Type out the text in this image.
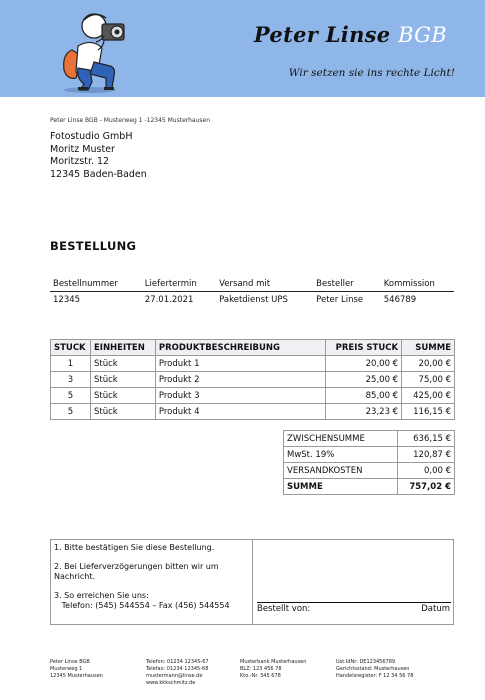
Peter Linse BGB
Wir setzen sie ins rechte Licht!
Peter Linse BGB - Musterweg 1 -12345 Musterhausen
Fotostudio GmbH
Moritz Muster
Moritzstr. 12
12345 Baden-Baden
BESTELLUNG
Bestellnummer	Liefertermin	Versand mit	Besteller	Kommission
12345	27.01.2021	Paketdienst UPS	Peter Linse	546789
STUCK	EINHEITEN	PRODUKTBESCHREIBUNG	PREIS STUCK	SUMME
1	Stück	Produkt 1	20,00 €	20,00 €
3	Stück	Produkt 2	25,00 €	75,00 €
5	Stück	Produkt 3	85,00 €	425,00 €
5	Stück	Produkt 4	23,23 €	116,15 €
ZWISCHENSUMME	636,15 €
MwSt. 19%	120,87 €
VERSANDKOSTEN	0,00 €
SUMME	757,02 €

1. Bitte bestätigen Sie diese Bestellung.

2. Bei Lieferverzögerungen bitten wir um
Nachricht.

3. So erreichen Sie uns:
Telefon: (545) 544554 – Fax (456) 544554	Bestellt von:	Datum
Peter Linse BGB
Musterweg 1
12345 Musterhausen
Telefon: 01234 12345-67
Telefax: 01234 12345-68
mustermann@linse.de
www.kkkschmitz.de
Musterbank Musterhausen
BLZ: 123 456 78
Kto.-Nr. 345 678
Ust.IdNr: DE123456789
Gerichtsstand: Musterhausen
Handelsregister: F 12 34 56 78
